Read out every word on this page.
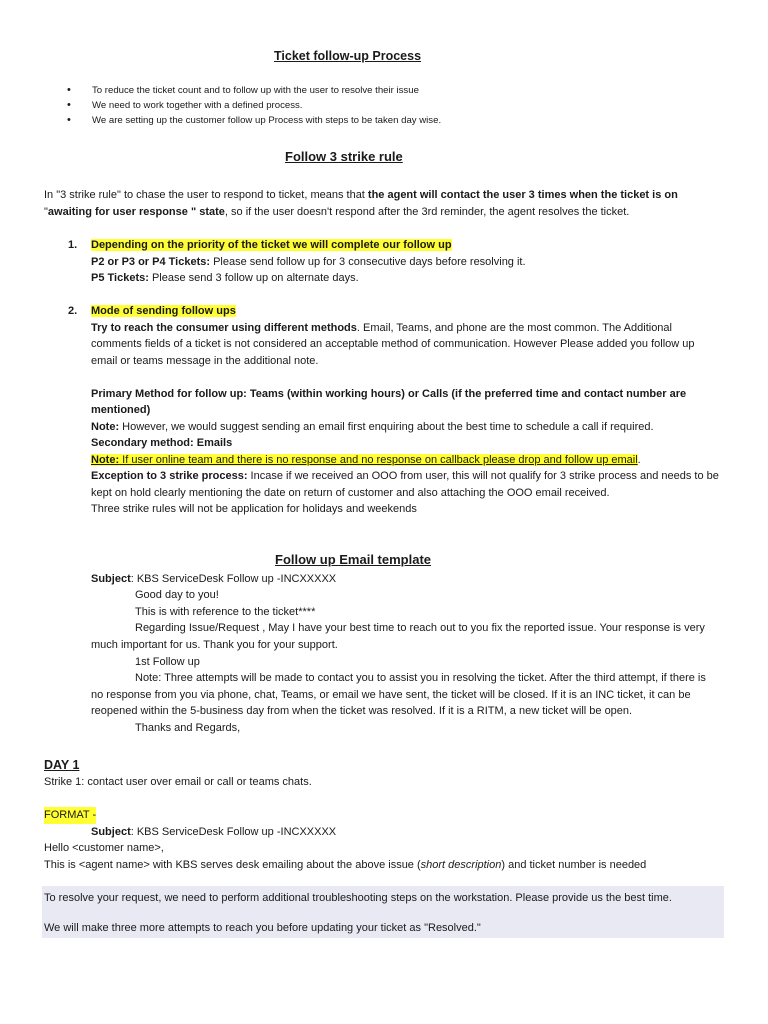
Ticket follow-up Process
• To reduce the ticket count and to follow up with the user to resolve their issue
• We need to work together with a defined process.
• We are setting up the customer follow up Process with steps to be taken day wise.
Follow 3 strike rule
In "3 strike rule" to chase the user to respond to ticket, means that the agent will contact the user 3 times when the ticket is on
"awaiting for user response " state, so if the user doesn't respond after the 3rd reminder, the agent resolves the ticket.
1. Depending on the priority of the ticket we will complete our follow up
P2 or P3 or P4 Tickets: Please send follow up for 3 consecutive days before resolving it.
P5 Tickets: Please send 3 follow up on alternate days.
2. Mode of sending follow ups

Try to reach the consumer using different methods. Email, Teams, and phone are the most common. The Additional comments fields of a ticket is not considered an acceptable method of communication. However Please added you follow up email or teams message in the additional note.
Primary Method for follow up: Teams (within working hours) or Calls (if the preferred time and contact number are mentioned)
Note: However, we would suggest sending an email first enquiring about the best time to schedule a call if required.
Secondary method: Emails
Note: If user online team and there is no response and no response on callback please drop and follow up email.
Exception to 3 strike process: Incase if we received an OOO from user, this will not qualify for 3 strike process and needs to be kept on hold clearly mentioning the date on return of customer and also attaching the OOO email received.
Three strike rules will not be application for holidays and weekends
Follow up Email template
Subject: KBS ServiceDesk Follow up -INCXXXXX
Good day to you!
This is with reference to the ticket****
Regarding Issue/Request , May I have your best time to reach out to you fix the reported issue. Your response is very much important for us. Thank you for your support.
1st Follow up
Note: Three attempts will be made to contact you to assist you in resolving the ticket. After the third attempt, if there is no response from you via phone, chat, Teams, or email we have sent, the ticket will be closed. If it is an INC ticket, it can be reopened within the 5-business day from when the ticket was resolved. If it is a RITM, a new ticket will be open.
Thanks and Regards,
DAY 1
Strike 1: contact user over email or call or teams chats.
FORMAT -
Subject: KBS ServiceDesk Follow up -INCXXXXX
Hello <customer name>,
This is <agent name> with KBS serves desk emailing about the above issue (short description) and ticket number is needed
To resolve your request, we need to perform additional troubleshooting steps on the workstation. Please provide us the best time.
We will make three more attempts to reach you before updating your ticket as "Resolved."
